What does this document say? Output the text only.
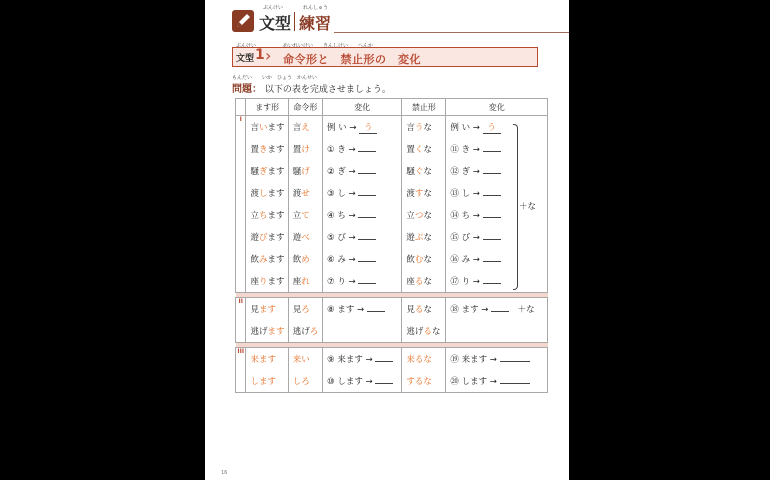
ぶんけい
文型
れんしゅう
練習
ぶんけい
文型 1 › めいれいけい　　きんしけい　　へんか
命令形と　禁止形の　変化
もんだい
問題：
いか　ひょう　かんせい
以下の表を完成させましょう。
	ます形	命令形	変化	禁止形	変化
I	言います	言え	例 い → う	言うな	例 い → う
	置きます	置け	① き →	置くな	⑪ き →
	騒ぎます	騒げ	② ぎ →	騒ぐな	⑫ ぎ →
	渡します	渡せ	③ し →	渡すな	⑬ し →
	立ちます	立て	④ ち →	立つな	⑭ ち →
	遊びます	遊べ	⑤ び →	遊ぶな	⑮ び →
	飲みます	飲め	⑥ み →	飲むな	⑯ み →
	座ります	座れ	⑦ り →	座るな	⑰ り →

II	見ます	見ろ	⑧ ます →	見るな	⑱ ます → 　 ＋な
	逃げます	逃げろ		逃げるな	

III	来ます	来い	⑨ 来ます →	来るな	⑲ 来ます →
	します	しろ	⑩ します →	するな	⑳ します →

＋な
16
